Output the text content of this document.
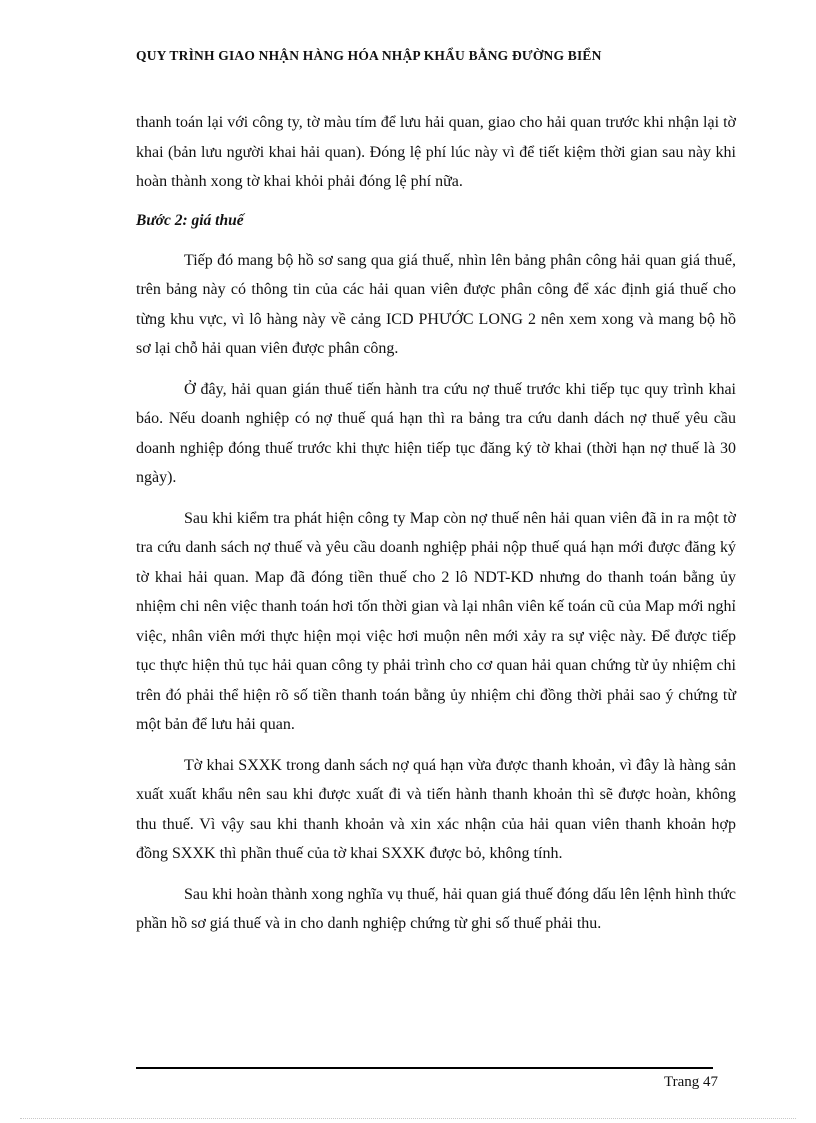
QUY TRÌNH GIAO NHẬN HÀNG HÓA NHẬP KHẨU BẰNG ĐƯỜNG BIỂN

thanh toán lại với công ty, tờ màu tím để lưu hải quan, giao cho hải quan trước khi nhận lại tờ khai (bản lưu người khai hải quan). Đóng lệ phí lúc này vì để tiết kiệm thời gian sau này khi hoàn thành xong tờ khai khỏi phải đóng lệ phí nữa.

Bước 2: giá thuế

Tiếp đó mang bộ hồ sơ sang qua giá thuế, nhìn lên bảng phân công hải quan giá thuế, trên bảng này có thông tin của các hải quan viên được phân công để xác định giá thuế cho từng khu vực, vì lô hàng này về cảng ICD PHƯỚC LONG 2 nên xem xong và mang bộ hồ sơ lại chỗ hải quan viên được phân công.

Ở đây, hải quan gián thuế tiến hành tra cứu nợ thuế trước khi tiếp tục quy trình khai báo. Nếu doanh nghiệp có nợ thuế quá hạn thì ra bảng tra cứu danh dách nợ thuế yêu cầu doanh nghiệp đóng thuế trước khi thực hiện tiếp tục đăng ký tờ khai (thời hạn nợ thuế là 30 ngày).

Sau khi kiểm tra phát hiện công ty Map còn nợ thuế nên hải quan viên đã in ra một tờ tra cứu danh sách nợ thuế và yêu cầu doanh nghiệp phải nộp thuế quá hạn mới được đăng ký tờ khai hải quan. Map đã đóng tiền thuế cho 2 lô NDT-KD nhưng do thanh toán bằng ủy nhiệm chi nên việc thanh toán hơi tốn thời gian và lại nhân viên kế toán cũ của Map mới nghỉ việc, nhân viên mới thực hiện mọi việc hơi muộn nên mới xảy ra sự việc này. Để được tiếp tục thực hiện thủ tục hải quan công ty phải trình cho cơ quan hải quan chứng từ ủy nhiệm chi trên đó phải thể hiện rõ số tiền thanh toán bằng ủy nhiệm chi đồng thời phải sao ý chứng từ một bản để lưu hải quan.

Tờ khai SXXK trong danh sách nợ quá hạn vừa được thanh khoản, vì đây là hàng sản xuất xuất khẩu nên sau khi được xuất đi và tiến hành thanh khoản thì sẽ được hoàn, không thu thuế. Vì vậy sau khi thanh khoản và xin xác nhận của hải quan viên thanh khoản hợp đồng SXXK thì phần thuế của tờ khai SXXK được bỏ, không tính.

Sau khi hoàn thành xong nghĩa vụ thuế, hải quan giá thuế đóng dấu lên lệnh hình thức phần hồ sơ giá thuế và in cho danh nghiệp chứng từ ghi số thuế phải thu.

Trang 47
